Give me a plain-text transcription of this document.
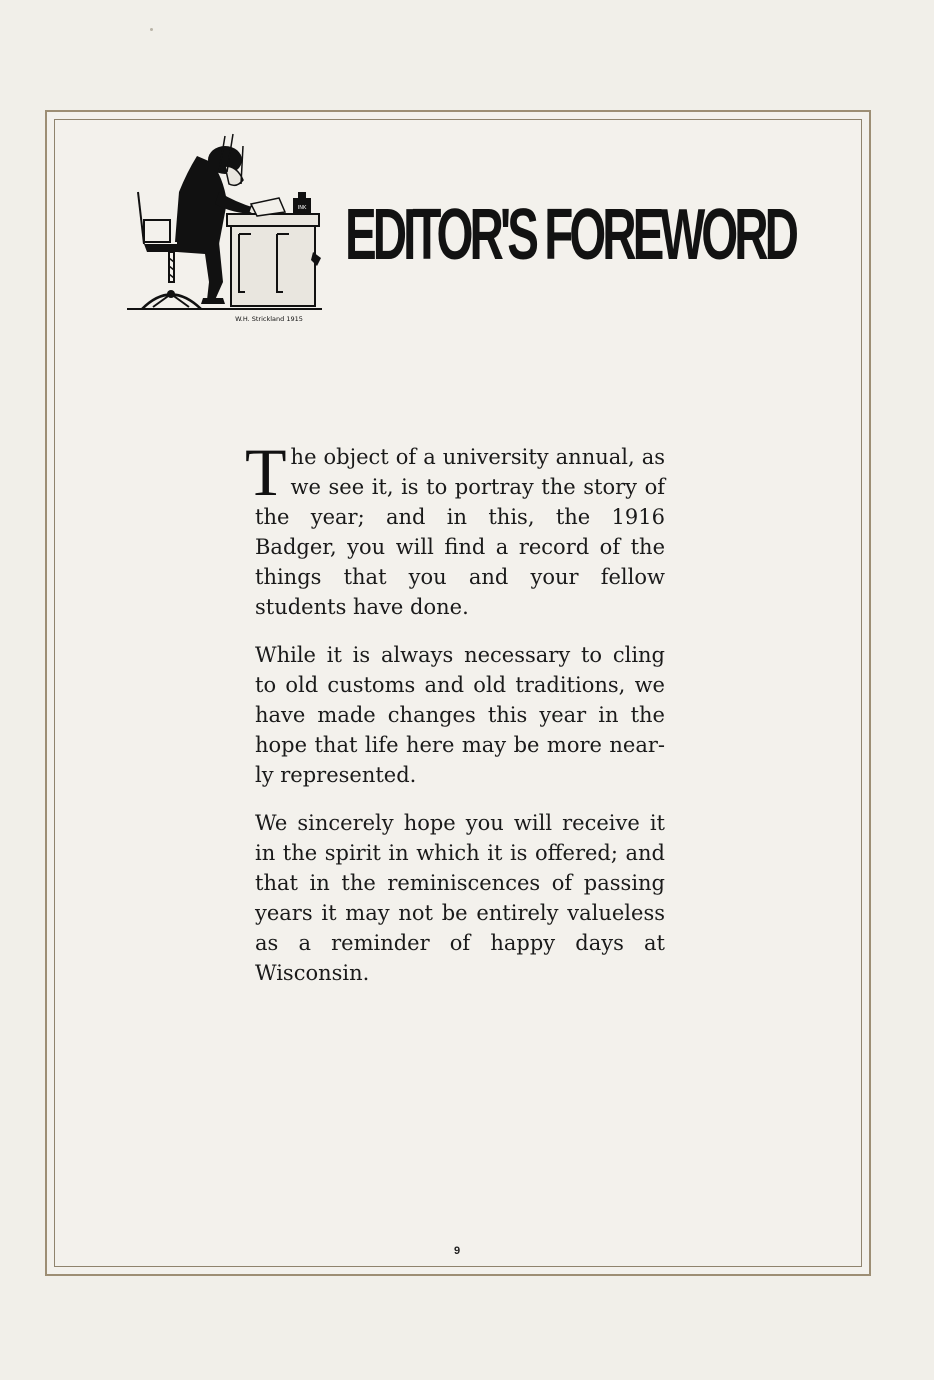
INK
W.H. Strickland 1915
EDITOR'S FOREWORD

The object of a university annual, as we see it, is to portray the story of the year; and in this, the 1916 Badger, you will find a record of the things that you and your fellow students have done.

While it is always necessary to cling to old customs and old traditions, we have made changes this year in the hope that life here may be more near-ly represented.

We sincerely hope you will receive it in the spirit in which it is offered; and that in the reminiscences of passing years it may not be entirely valueless as a reminder of happy days at Wisconsin.

9
